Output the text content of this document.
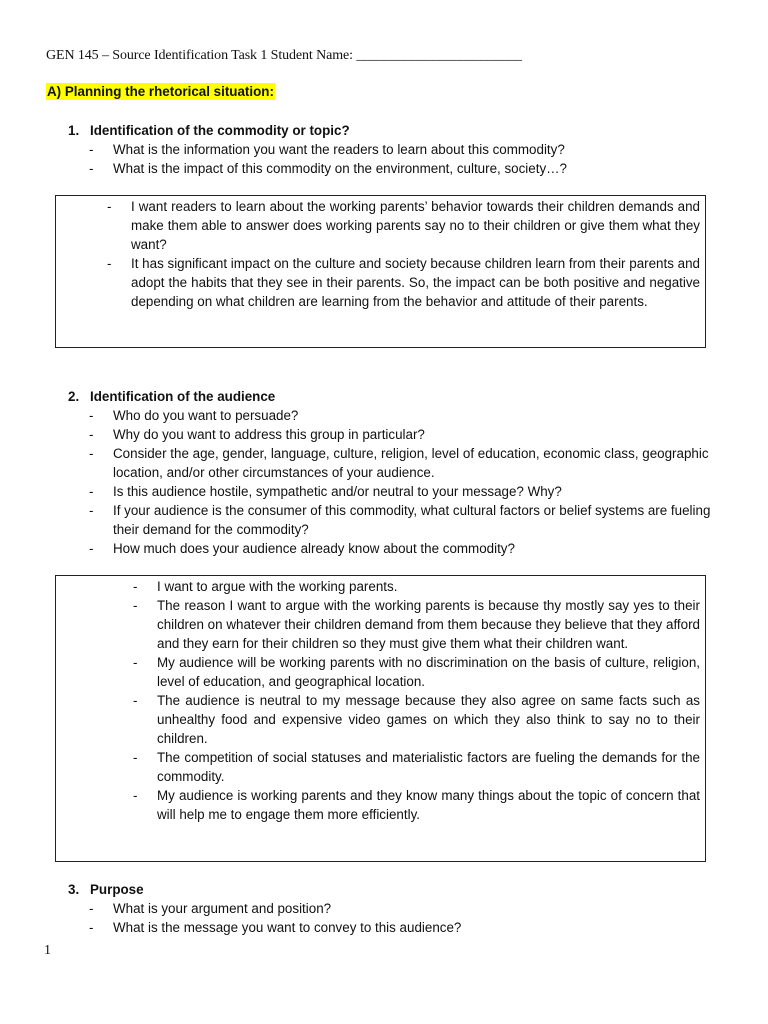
GEN 145 – Source Identification Task 1 Student Name: ________________________
A) Planning the rhetorical situation:
1. Identification of the commodity or topic?
- What is the information you want the readers to learn about this commodity?
- What is the impact of this commodity on the environment, culture, society…?
- I want readers to learn about the working parents’ behavior towards their children demands and make them able to answer does working parents say no to their children or give them what they want?
- It has significant impact on the culture and society because children learn from their parents and adopt the habits that they see in their parents. So, the impact can be both positive and negative depending on what children are learning from the behavior and attitude of their parents.
2. Identification of the audience
- Who do you want to persuade?
- Why do you want to address this group in particular?
- Consider the age, gender, language, culture, religion, level of education, economic class, geographic location, and/or other circumstances of your audience.
- Is this audience hostile, sympathetic and/or neutral to your message? Why?
- If your audience is the consumer of this commodity, what cultural factors or belief systems are fueling their demand for the commodity?
- How much does your audience already know about the commodity?
- I want to argue with the working parents.
- The reason I want to argue with the working parents is because thy mostly say yes to their children on whatever their children demand from them because they believe that they afford and they earn for their children so they must give them what their children want.
- My audience will be working parents with no discrimination on the basis of culture, religion, level of education, and geographical location.
- The audience is neutral to my message because they also agree on same facts such as unhealthy food and expensive video games on which they also think to say no to their children.
- The competition of social statuses and materialistic factors are fueling the demands for the commodity.
- My audience is working parents and they know many things about the topic of concern that will help me to engage them more efficiently.
3. Purpose
- What is your argument and position?
- What is the message you want to convey to this audience?
1
